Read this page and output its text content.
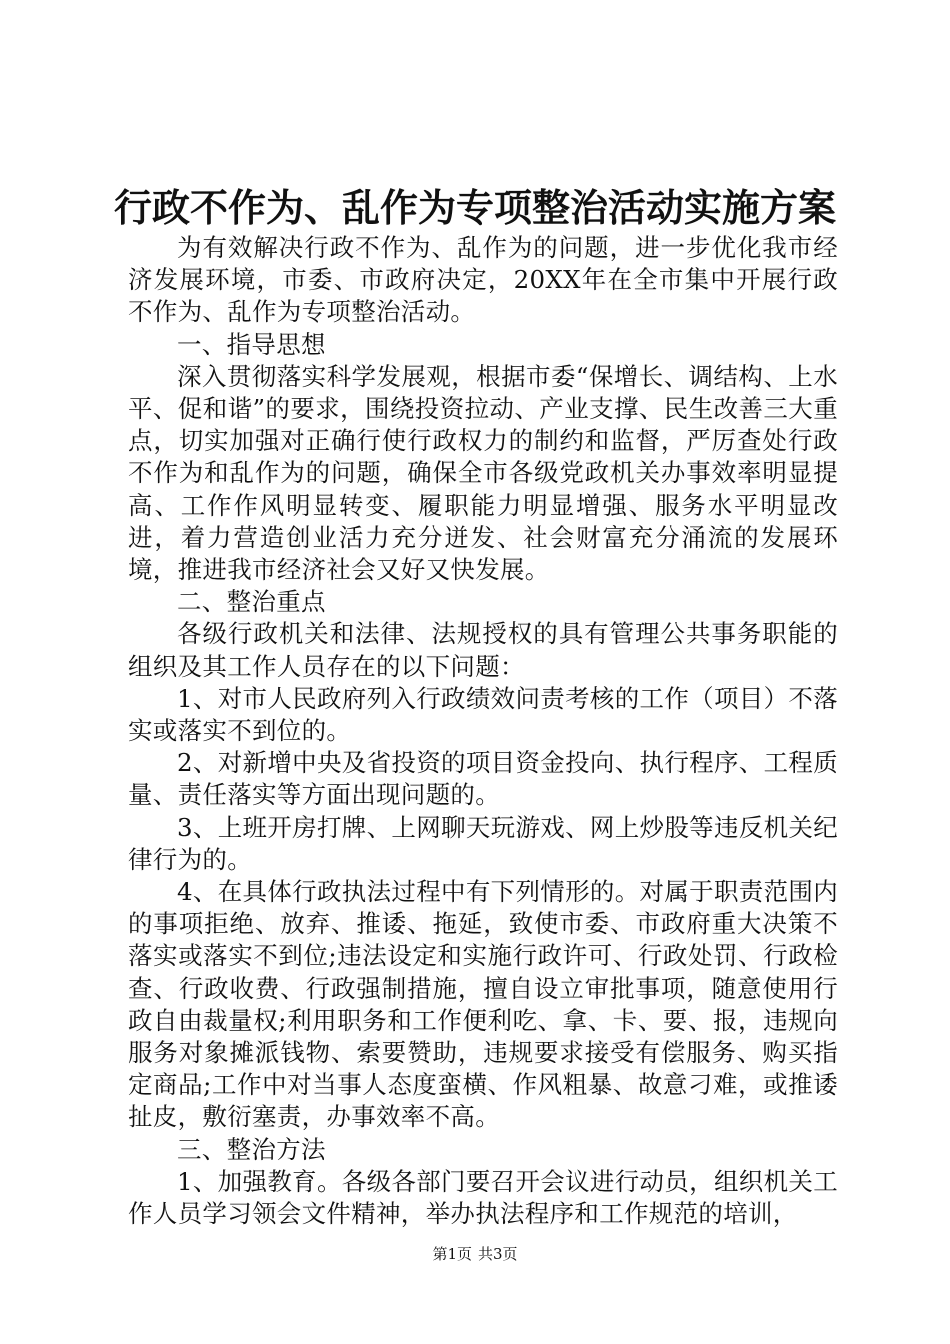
行政不作为、乱作为专项整治活动实施方案

为有效解决行政不作为、乱作为的问题，进一步优化我市经济发展环境，市委、市政府决定，20XX年在全市集中开展行政不作为、乱作为专项整治活动。

一、指导思想

深入贯彻落实科学发展观，根据市委“保增长、调结构、上水平、促和谐”的要求，围绕投资拉动、产业支撑、民生改善三大重点，切实加强对正确行使行政权力的制约和监督，严厉查处行政不作为和乱作为的问题，确保全市各级党政机关办事效率明显提高、工作作风明显转变、履职能力明显增强、服务水平明显改进，着力营造创业活力充分迸发、社会财富充分涌流的发展环境，推进我市经济社会又好又快发展。

二、整治重点

各级行政机关和法律、法规授权的具有管理公共事务职能的组织及其工作人员存在的以下问题：

1、对市人民政府列入行政绩效问责考核的工作（项目）不落实或落实不到位的。

2、对新增中央及省投资的项目资金投向、执行程序、工程质量、责任落实等方面出现问题的。

3、上班开房打牌、上网聊天玩游戏、网上炒股等违反机关纪律行为的。

4、在具体行政执法过程中有下列情形的。对属于职责范围内的事项拒绝、放弃、推诿、拖延，致使市委、市政府重大决策不落实或落实不到位;违法设定和实施行政许可、行政处罚、行政检查、行政收费、行政强制措施，擅自设立审批事项，随意使用行政自由裁量权;利用职务和工作便利吃、拿、卡、要、报，违规向服务对象摊派钱物、索要赞助，违规要求接受有偿服务、购买指定商品;工作中对当事人态度蛮横、作风粗暴、故意刁难，或推诿扯皮，敷衍塞责，办事效率不高。

三、整治方法

1、加强教育。各级各部门要召开会议进行动员，组织机关工作人员学习领会文件精神，举办执法程序和工作规范的培训，

第1页 共3页
